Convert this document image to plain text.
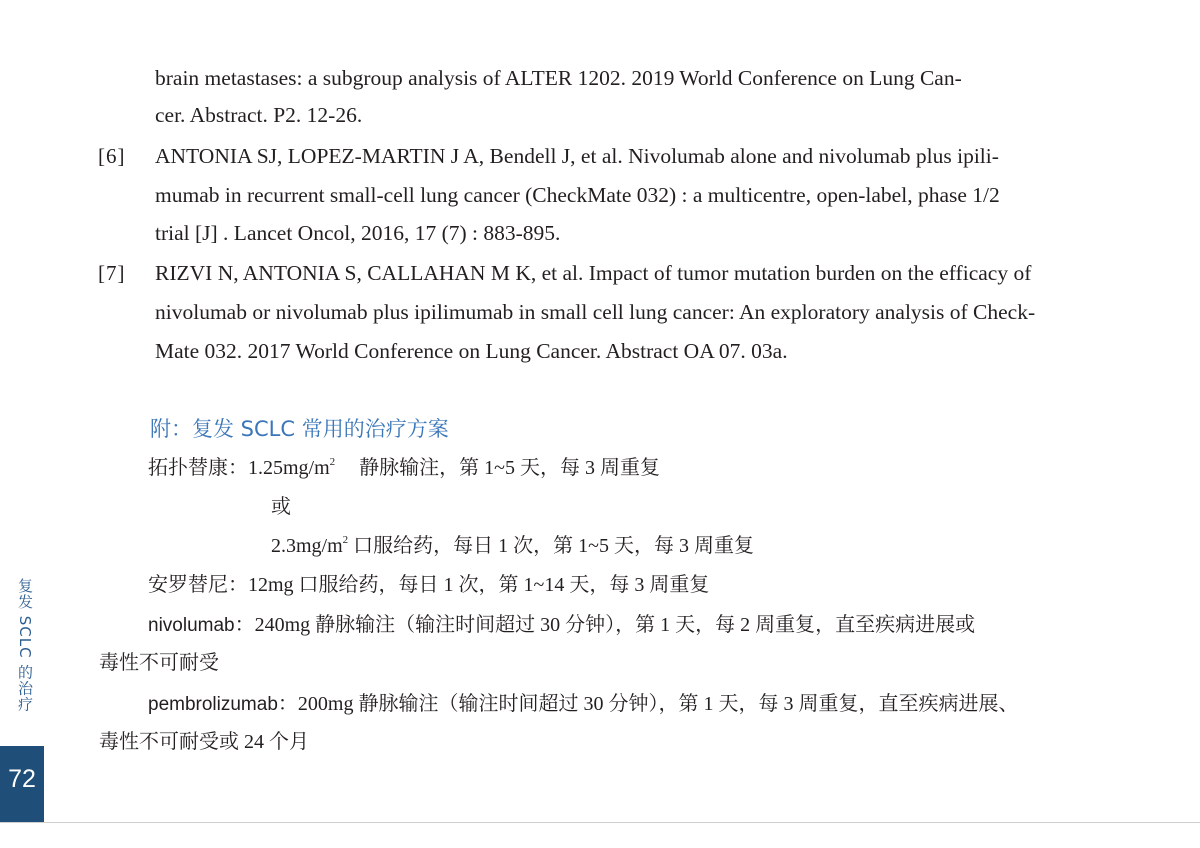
brain metastases: a subgroup analysis of ALTER 1202. 2019 World Conference on Lung Can-
cer. Abstract. P2. 12-26.
[6] ANTONIA SJ, LOPEZ-MARTIN J A, Bendell J, et al. Nivolumab alone and nivolumab plus ipili-
mumab in recurrent small-cell lung cancer (CheckMate 032) : a multicentre, open-label, phase 1/2
trial [J] . Lancet Oncol, 2016, 17 (7) : 883-895.
[7] RIZVI N, ANTONIA S, CALLAHAN M K, et al. Impact of tumor mutation burden on the efficacy of
nivolumab or nivolumab plus ipilimumab in small cell lung cancer: An exploratory analysis of Check-
Mate 032. 2017 World Conference on Lung Cancer. Abstract OA 07. 03a.
附：复发 SCLC 常用的治疗方案
拓扑替康：$1.25mg/m^2$ 静脉输注，第 1~5 天，每 3 周重复
或
$2.3mg/m^2$ 口服给药，每日 1 次，第 1~5 天，每 3 周重复
安罗替尼：12mg 口服给药，每日 1 次，第 1~14 天，每 3 周重复
nivolumab：240mg 静脉输注（输注时间超过 30 分钟），第 1 天，每 2 周重复，直至疾病进展或
毒性不可耐受
pembrolizumab：200mg 静脉输注（输注时间超过 30 分钟），第 1 天，每 3 周重复，直至疾病进展、
毒性不可耐受或 24 个月
复发 SCLC 的治疗
72
